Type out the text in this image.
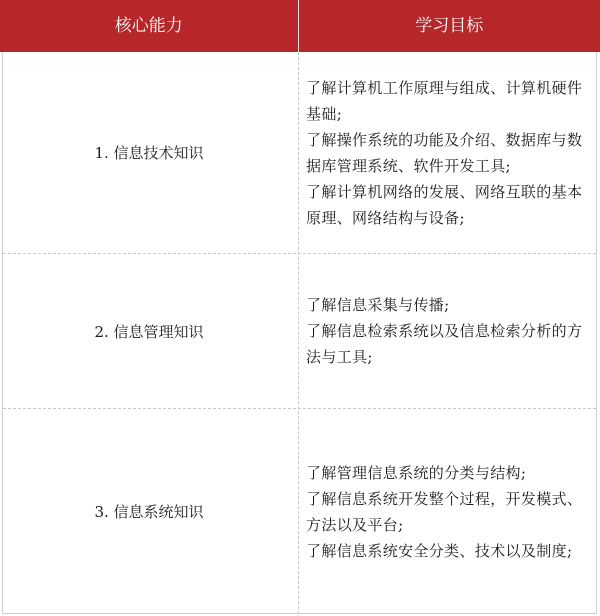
核心能力	学习目标
1. 信息技术知识
了解计算机工作原理与组成、计算机硬件
基础;
了解操作系统的功能及介绍、数据库与数
据库管理系统、软件开发工具;
了解计算机网络的发展、网络互联的基本
原理、网络结构与设备;
2. 信息管理知识
了解信息采集与传播;
了解信息检索系统以及信息检索分析的方
法与工具;
3. 信息系统知识
了解管理信息系统的分类与结构;
了解信息系统开发整个过程，开发模式、
方法以及平台;
了解信息系统安全分类、技术以及制度;
